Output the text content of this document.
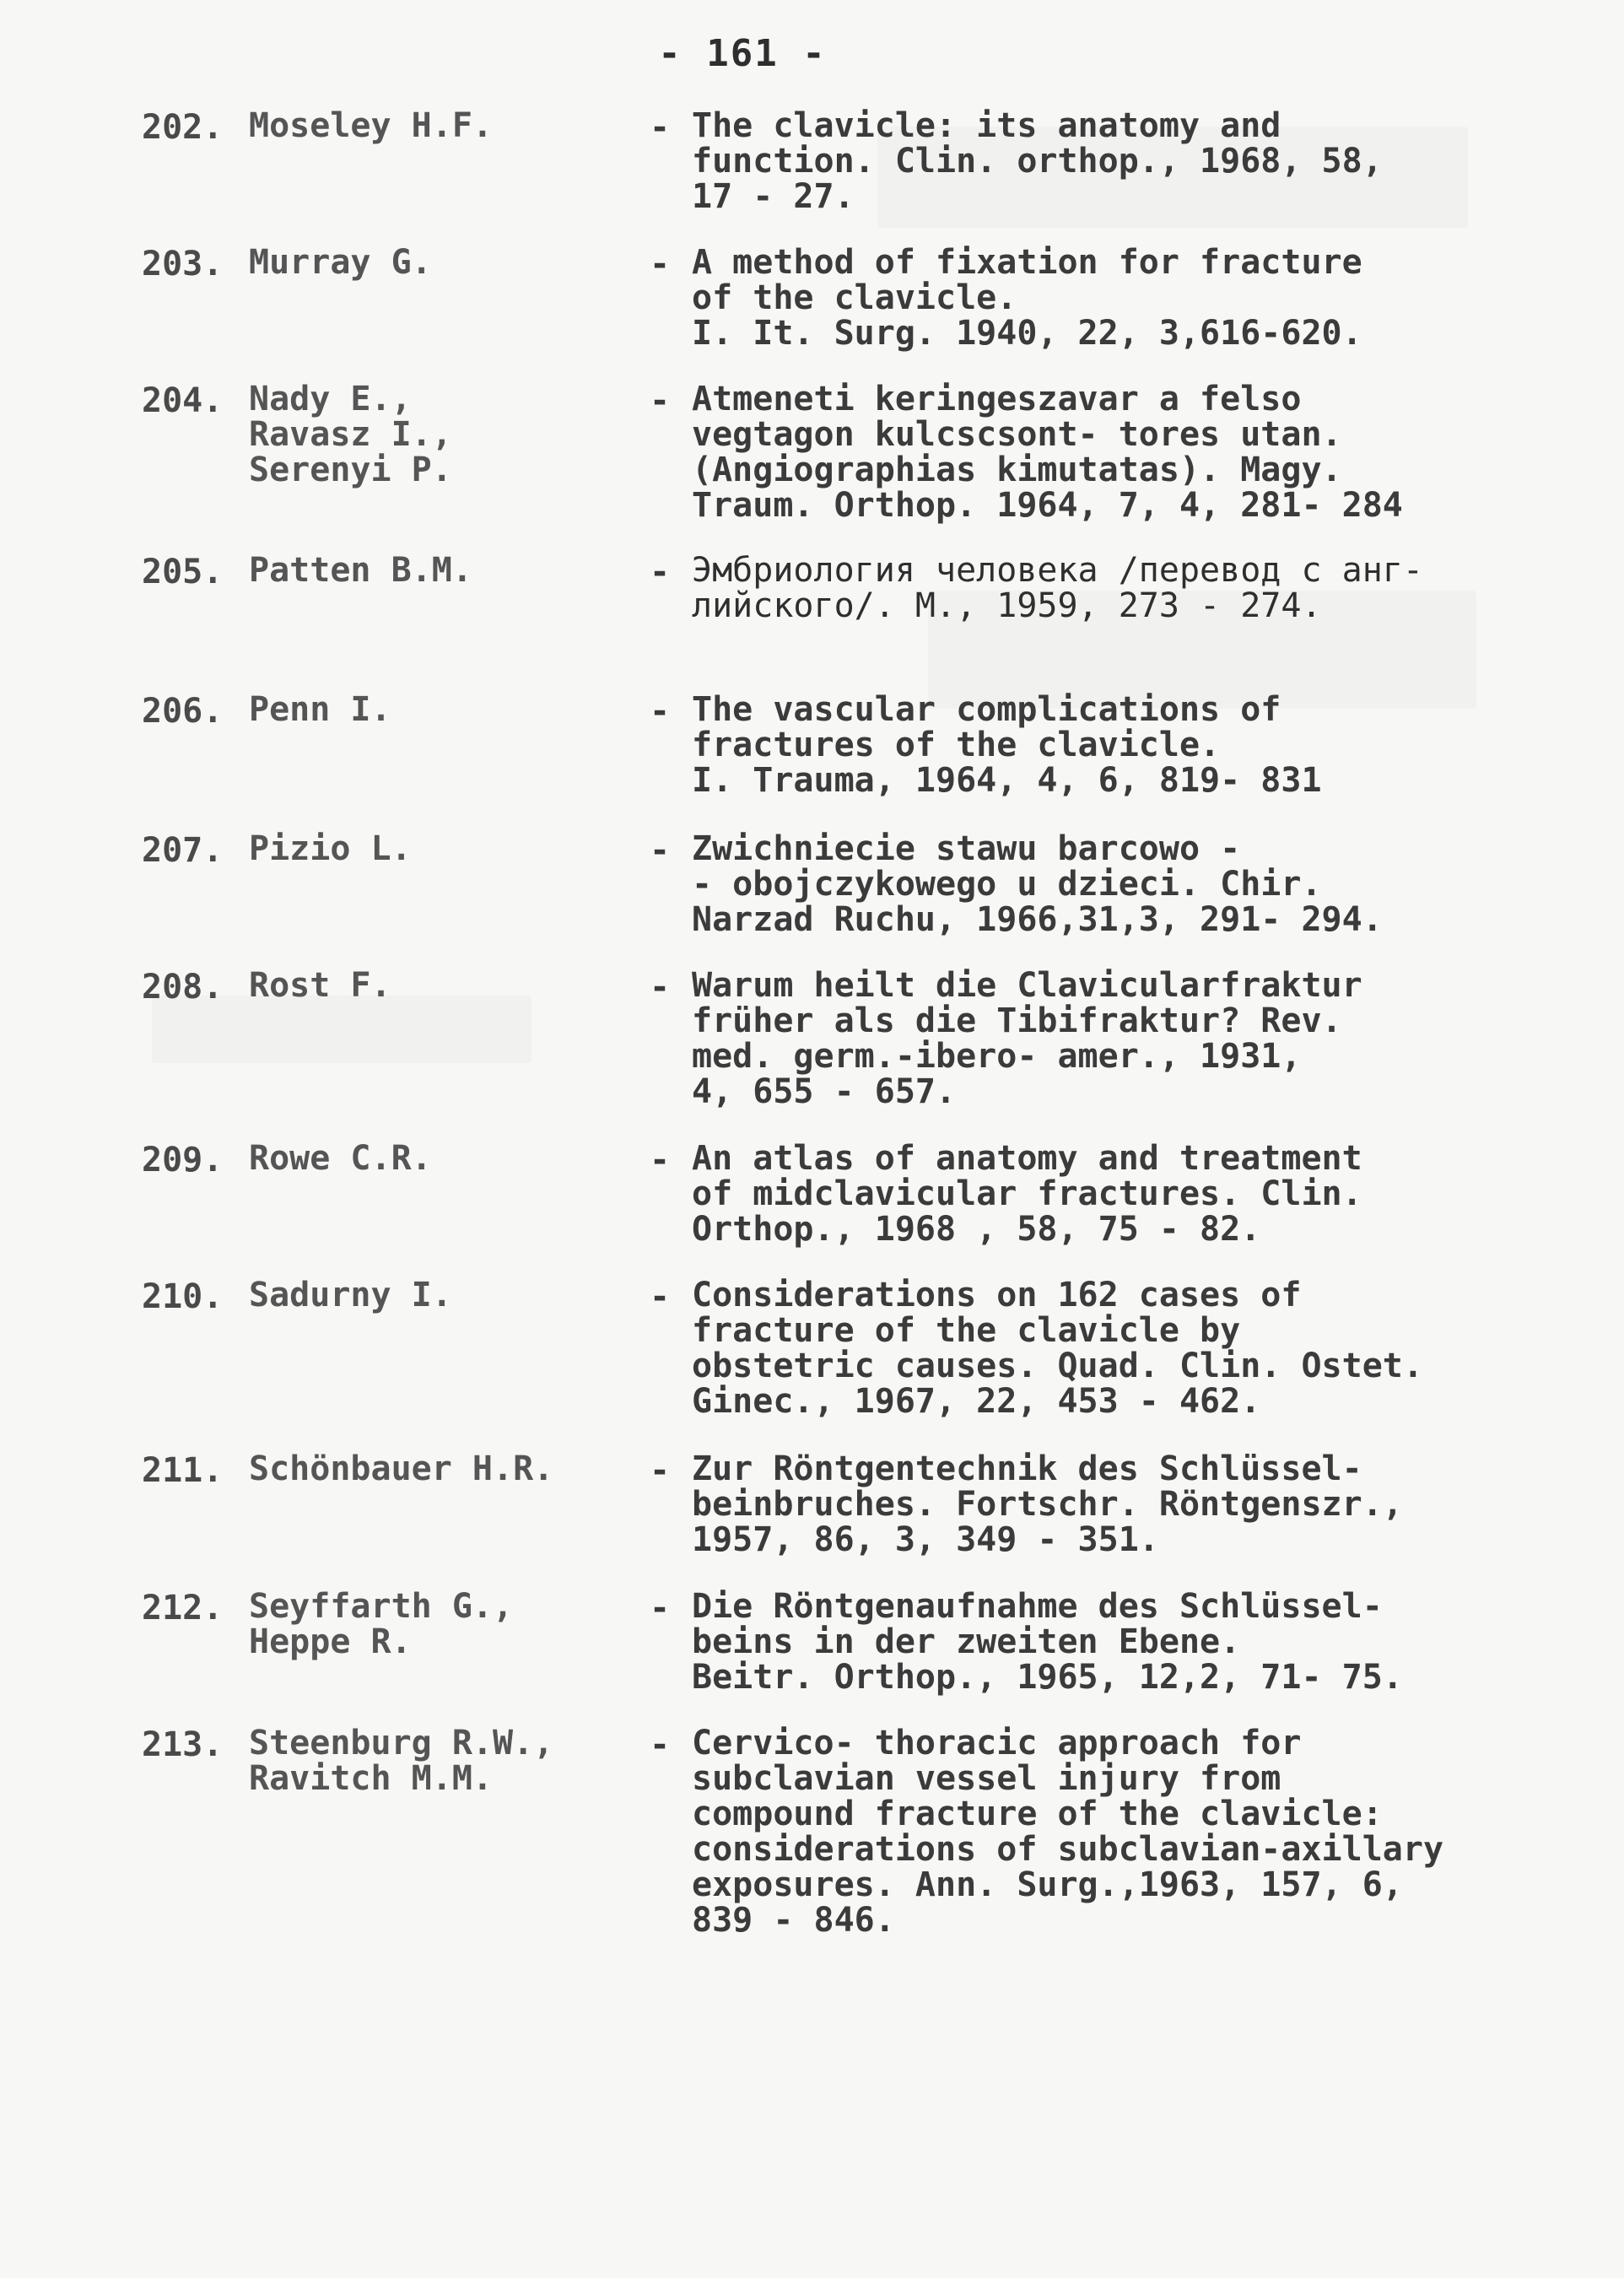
- 161 -
202. Moseley H.F.	- The clavicle: its anatomy and
function. Clin. orthop., 1968, 58,
17 - 27.
203. Murray G.	- A method of fixation for fracture
of the clavicle.
I. It. Surg. 1940, 22, 3,616-620.
204. Nady E.,
Ravasz I.,
Serenyi P.
- Atmeneti keringeszavar a felso
vegtagon kulcscsont- tores utan.
(Angiographias kimutatas). Magy.
Traum. Orthop. 1964, 7, 4, 281- 284
205. Patten B.M.	- Эмбриология человека /перевод с анг-
лийского/. М., 1959, 273 - 274.
206. Penn I.	- The vascular complications of
fractures of the clavicle.
I. Trauma, 1964, 4, 6, 819- 831
207. Pizio L.	- Zwichniecie stawu barcowo -
- obojczykowego u dzieci. Chir.
Narzad Ruchu, 1966,31,3, 291- 294.
208. Rost F.	- Warum heilt die Clavicularfraktur
früher als die Tibifraktur? Rev.
med. germ.-ibero- amer., 1931,
4, 655 - 657.
209. Rowe C.R.	- An atlas of anatomy and treatment
of midclavicular fractures. Clin.
Orthop., 1968 , 58, 75 - 82.
210. Sadurny I.	- Considerations on 162 cases of
fracture of the clavicle by
obstetric causes. Quad. Clin. Ostet.
Ginec., 1967, 22, 453 - 462.
211. Schönbauer H.R.	- Zur Röntgentechnik des Schlüssel-
beinbruches. Fortschr. Röntgenszr.,
1957, 86, 3, 349 - 351.
212. Seyffarth G.,
Heppe R.
- Die Röntgenaufnahme des Schlüssel-
beins in der zweiten Ebene.
Beitr. Orthop., 1965, 12,2, 71- 75.
213. Steenburg R.W.,
Ravitch M.M.
- Cervico- thoracic approach for
subclavian vessel injury from
compound fracture of the clavicle:
considerations of subclavian-axillary
exposures. Ann. Surg.,1963, 157, 6,
839 - 846.
